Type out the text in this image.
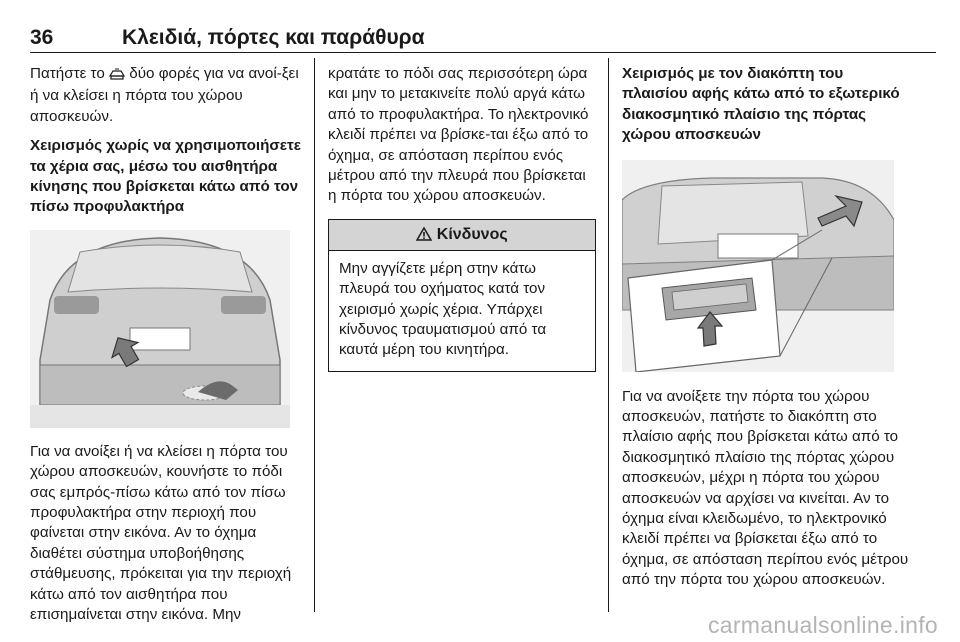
36	Κλειδιά, πόρτες και παράθυρα

Πατήστε το δύο φορές για να ανοί‐ξει ή να κλείσει η πόρτα του χώρου αποσκευών.

Χειρισμός χωρίς να χρησιμοποιήσετε τα χέρια σας, μέσω του αισθητήρα κίνησης που βρίσκεται κάτω από τον πίσω προφυλακτήρα

Για να ανοίξει ή να κλείσει η πόρτα του χώρου αποσκευών, κουνήστε το πόδι σας εμπρός-πίσω κάτω από τον πίσω προφυλακτήρα στην περιοχή που φαίνεται στην εικόνα. Αν το όχημα διαθέτει σύστημα υποβοήθησης στάθμευσης, πρόκειται για την περιοχή κάτω από τον αισθητήρα που επισημαίνεται στην εικόνα. Μην

κρατάτε το πόδι σας περισσότερη ώρα και μην το μετακινείτε πολύ αργά κάτω από το προφυλακτήρα. Το ηλεκτρονικό κλειδί πρέπει να βρίσκε‐ται έξω από το όχημα, σε απόσταση περίπου ενός μέτρου από την πλευρά που βρίσκεται η πόρτα του χώρου αποσκευών.

Κίνδυνος
Μην αγγίζετε μέρη στην κάτω πλευρά του οχήματος κατά τον χειρισμό χωρίς χέρια. Υπάρχει κίνδυνος τραυματισμού από τα καυτά μέρη του κινητήρα.

Χειρισμός με τον διακόπτη του πλαισίου αφής κάτω από το εξωτερικό διακοσμητικό πλαίσιο της πόρτας χώρου αποσκευών

Για να ανοίξετε την πόρτα του χώρου αποσκευών, πατήστε το διακόπτη στο πλαίσιο αφής που βρίσκεται κάτω από το διακοσμητικό πλαίσιο της πόρτας χώρου αποσκευών, μέχρι η πόρτα του χώρου αποσκευών να αρχίσει να κινείται. Αν το όχημα είναι κλειδωμένο, το ηλεκτρονικό κλειδί πρέπει να βρίσκεται έξω από το όχημα, σε απόσταση περίπου ενός μέτρου από την πόρτα του χώρου αποσκευών.

carmanualsonline.info
